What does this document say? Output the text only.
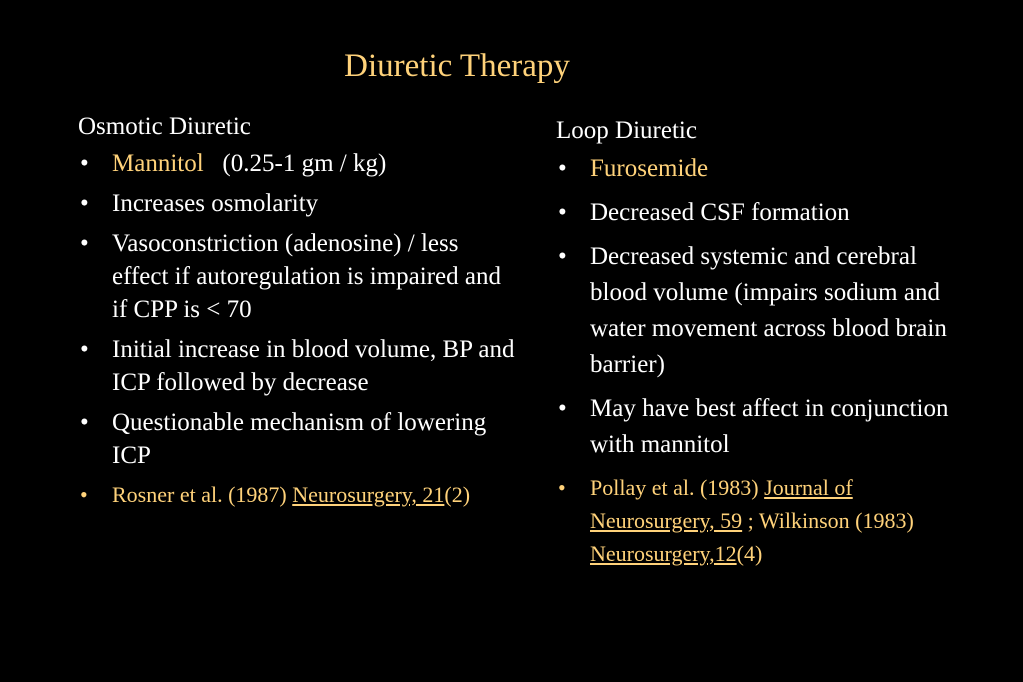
Diuretic Therapy
Osmotic Diuretic
• Mannitol (0.25-1 gm / kg)
• Increases osmolarity
• Vasoconstriction (adenosine) / less effect if autoregulation is impaired and if CPP is < 70
• Initial increase in blood volume, BP and ICP followed by decrease
• Questionable mechanism of lowering ICP
• Rosner et al. (1987) Neurosurgery, 21(2)
Loop Diuretic
• Furosemide
• Decreased CSF formation
• Decreased systemic and cerebral blood volume (impairs sodium and water movement across blood brain barrier)
• May have best affect in conjunction with mannitol
• Pollay et al. (1983) Journal of Neurosurgery, 59 ; Wilkinson (1983) Neurosurgery,12(4)
